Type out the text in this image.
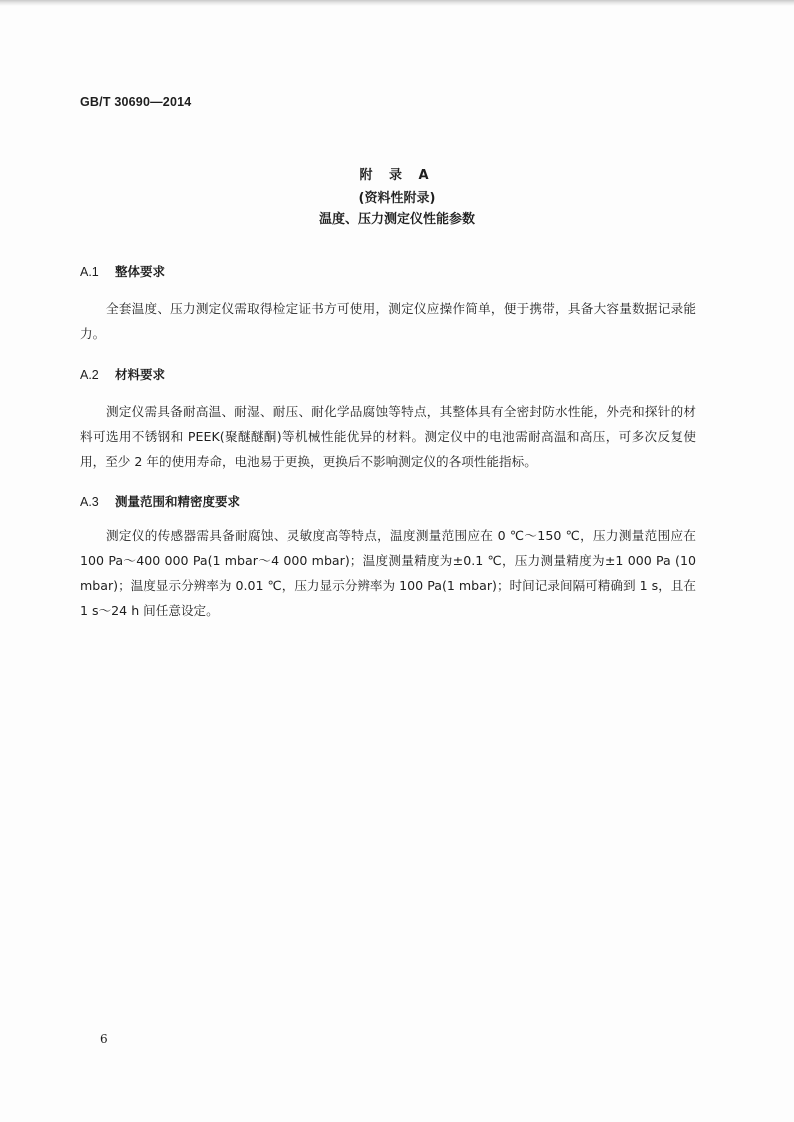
GB/T 30690—2014
附 录 A
(资料性附录)
温度、压力测定仪性能参数
A.1 整体要求
全套温度、压力测定仪需取得检定证书方可使用，测定仪应操作简单，便于携带，具备大容量数据记录能力。
A.2 材料要求
测定仪需具备耐高温、耐湿、耐压、耐化学品腐蚀等特点，其整体具有全密封防水性能，外壳和探针的材料可选用不锈钢和 PEEK(聚醚醚酮)等机械性能优异的材料。测定仪中的电池需耐高温和高压，可多次反复使用，至少 2 年的使用寿命，电池易于更换，更换后不影响测定仪的各项性能指标。
A.3 测量范围和精密度要求
测定仪的传感器需具备耐腐蚀、灵敏度高等特点，温度测量范围应在 0 ℃～150 ℃，压力测量范围应在 100 Pa～400 000 Pa(1 mbar～4 000 mbar)；温度测量精度为±0.1 ℃，压力测量精度为±1 000 Pa (10 mbar)；温度显示分辨率为 0.01 ℃，压力显示分辨率为 100 Pa(1 mbar)；时间记录间隔可精确到 1 s，且在 1 s～24 h 间任意设定。
6
